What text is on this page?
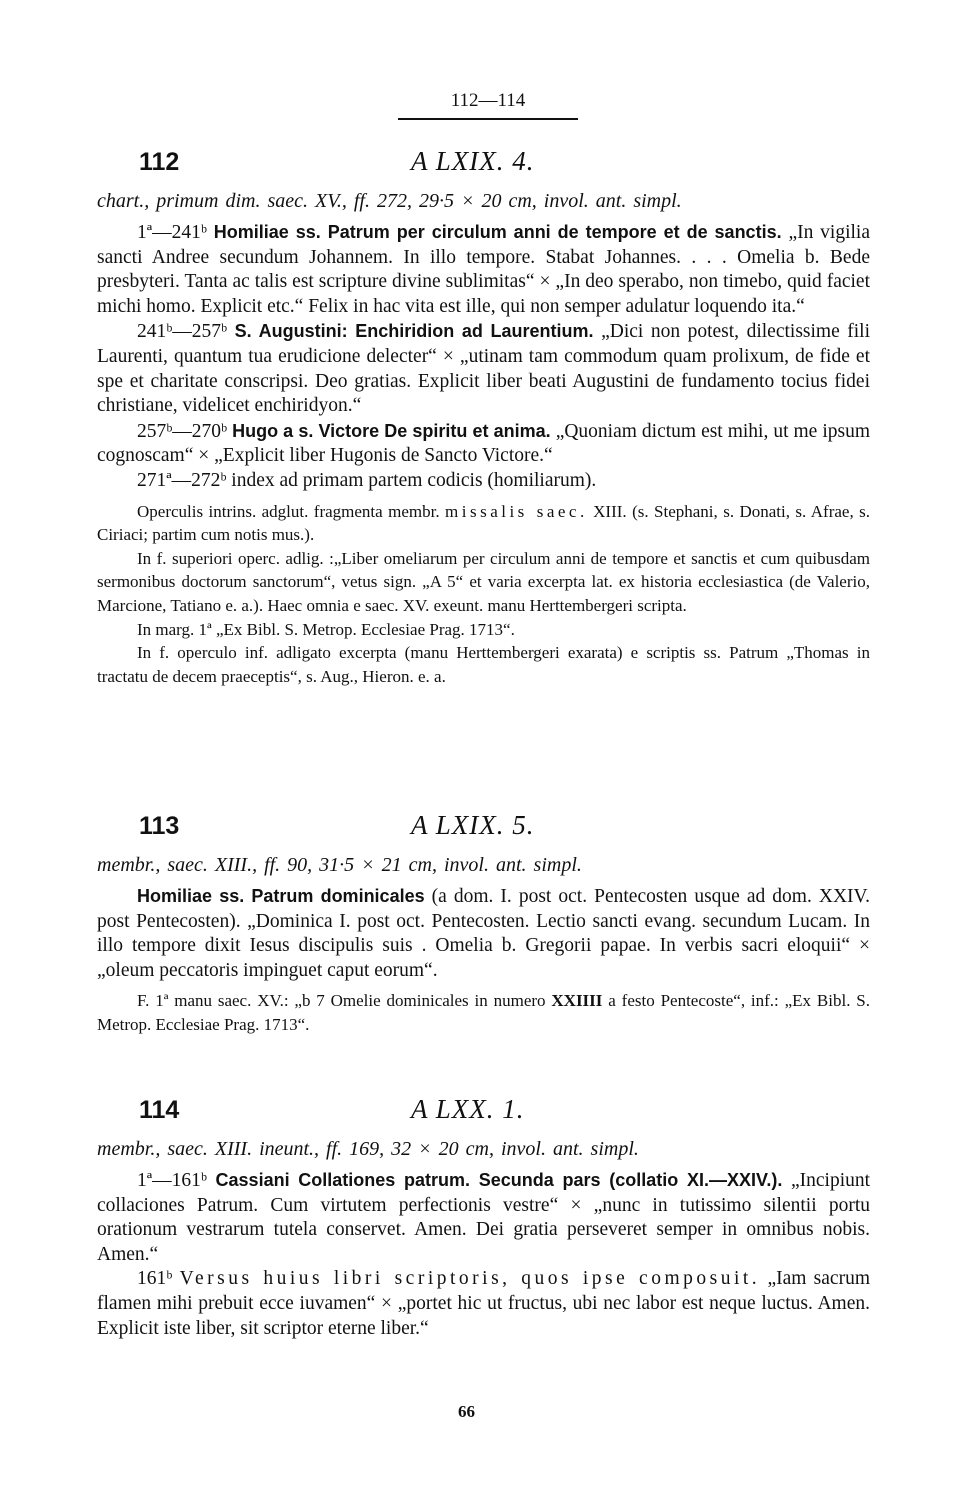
112—114
112	A LXIX. 4.
chart., primum dim. saec. XV., ff. 272, 29·5 × 20 cm, invol. ant. simpl.

1ª—241ᵇ Homiliae ss. Patrum per circulum anni de tempore et de sanctis. „In vigilia sancti Andree secundum Johannem. In illo tempore. Stabat Johannes. . . . Omelia b. Bede presbyteri. Tanta ac talis est scripture divine sublimitas“ × „In deo sperabo, non timebo, quid faciet michi homo. Explicit etc.“ Felix in hac vita est ille, qui non semper adulatur loquendo ita.“

241ᵇ—257ᵇ S. Augustini: Enchiridion ad Laurentium. „Dici non potest, dilectissime fili Laurenti, quantum tua erudicione delecter“ × „utinam tam commodum quam prolixum, de fide et spe et charitate conscripsi. Deo gratias. Explicit liber beati Augustini de fundamento tocius fidei christiane, videlicet enchiridyon.“

257ᵇ—270ᵇ Hugo a s. Victore De spiritu et anima. „Quoniam dictum est mihi, ut me ipsum cognoscam“ × „Explicit liber Hugonis de Sancto Victore.“

271ª—272ᵇ index ad primam partem codicis (homiliarum).

Operculis intrins. adglut. fragmenta membr. missalis saec. XIII. (s. Stephani, s. Donati, s. Afrae, s. Ciriaci; partim cum notis mus.).

In f. superiori operc. adlig. :„Liber omeliarum per circulum anni de tempore et sanctis et cum quibusdam sermonibus doctorum sanctorum“, vetus sign. „A 5“ et varia excerpta lat. ex historia ecclesiastica (de Valerio, Marcione, Tatiano e. a.). Haec omnia e saec. XV. exeunt. manu Herttembergeri scripta.

In marg. 1ª „Ex Bibl. S. Metrop. Ecclesiae Prag. 1713“.

In f. operculo inf. adligato excerpta (manu Herttembergeri exarata) e scriptis ss. Patrum „Thomas in tractatu de decem praeceptis“, s. Aug., Hieron. e. a.

113	A LXIX. 5.
membr., saec. XIII., ff. 90, 31·5 × 21 cm, invol. ant. simpl.

Homiliae ss. Patrum dominicales (a dom. I. post oct. Pentecosten usque ad dom. XXIV. post Pentecosten). „Dominica I. post oct. Pentecosten. Lectio sancti evang. secundum Lucam. In illo tempore dixit Iesus discipulis suis . Omelia b. Gregorii papae. In verbis sacri eloquii“ × „oleum peccatoris impinguet caput eorum“.

F. 1ª manu saec. XV.: „b 7 Omelie dominicales in numero XXIIII a festo Pentecoste“, inf.: „Ex Bibl. S. Metrop. Ecclesiae Prag. 1713“.

114	A LXX. 1.
membr., saec. XIII. ineunt., ff. 169, 32 × 20 cm, invol. ant. simpl.

1ª—161ᵇ Cassiani Collationes patrum. Secunda pars (collatio XI.—XXIV.). „Incipiunt collaciones Patrum. Cum virtutem perfectionis vestre“ × „nunc in tutissimo silentii portu orationum vestrarum tutela conservet. Amen. Dei gratia perseveret semper in omnibus nobis. Amen.“

161ᵇ Versus huius libri scriptoris, quos ipse composuit. „Iam sacrum flamen mihi prebuit ecce iuvamen“ × „portet hic ut fructus, ubi nec labor est neque luctus. Amen. Explicit iste liber, sit scriptor eterne liber.“

66
